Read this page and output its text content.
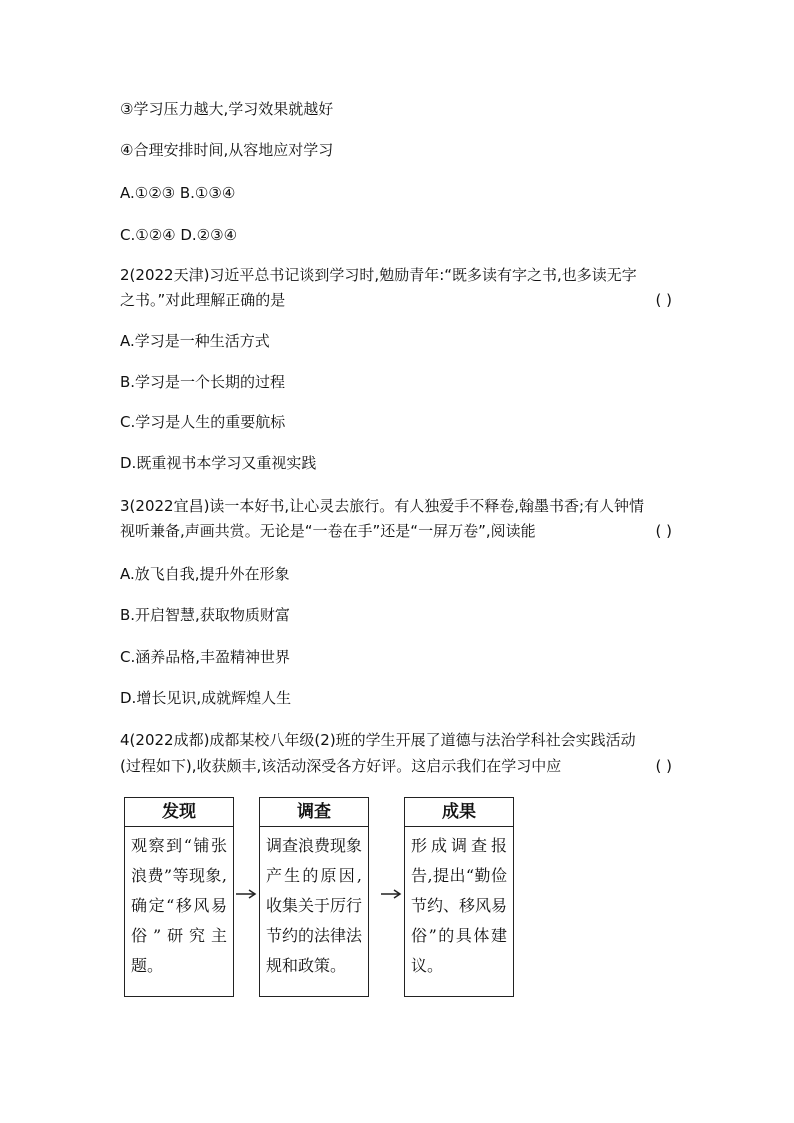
③学习压力越大,学习效果就越好
④合理安排时间,从容地应对学习
A.①②③ B.①③④
C.①②④ D.②③④
2(2022天津)习近平总书记谈到学习时,勉励青年:“既多读有字之书,也多读无字
之书。”对此理解正确的是	( )
A.学习是一种生活方式
B.学习是一个长期的过程
C.学习是人生的重要航标
D.既重视书本学习又重视实践
3(2022宜昌)读一本好书,让心灵去旅行。有人独爱手不释卷,翰墨书香;有人钟情
视听兼备,声画共赏。无论是“一卷在手”还是“一屏万卷”,阅读能	( )
A.放飞自我,提升外在形象
B.开启智慧,获取物质财富
C.涵养品格,丰盈精神世界
D.增长见识,成就辉煌人生
4(2022成都)成都某校八年级(2)班的学生开展了道德与法治学科社会实践活动
(过程如下),收获颇丰,该活动深受各方好评。这启示我们在学习中应	( )
发现
观察到“铺张浪费”等现象,确定“移风易俗”研究主题。
调查
调查浪费现象产生的原因,收集关于厉行节约的法律法规和政策。
成果
形成调查报告,提出“勤俭节约、移风易俗”的具体建议。
